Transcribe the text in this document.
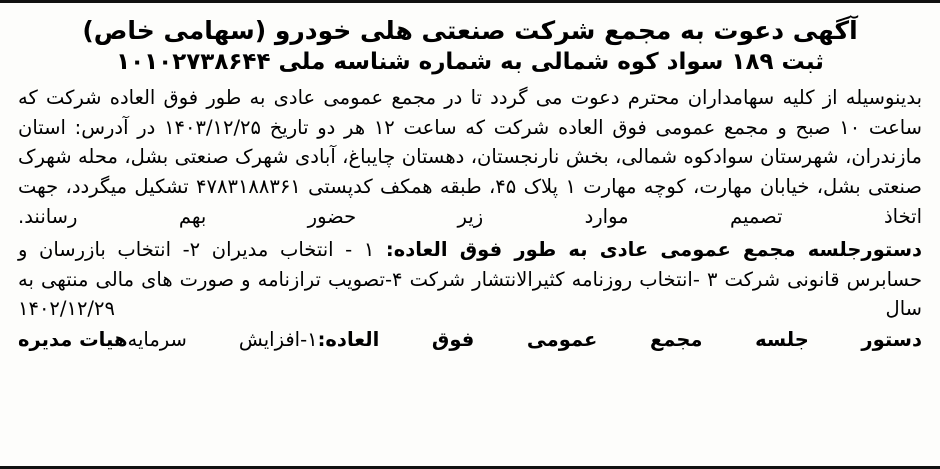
آگهی دعوت به مجمع شرکت صنعتی هلی خودرو (سهامی خاص)
ثبت ۱۸۹ سواد کوه شمالی به شماره شناسه ملی ۱۰۱۰۲۷۳۸۶۴۴
بدینوسیله از کلیه سهامداران محترم دعوت می گردد تا در مجمع عمومی عادی به طور فوق العاده شرکت که ساعت ۱۰ صبح و مجمع عمومی فوق العاده شرکت که ساعت ۱۲ هر دو تاریخ ۱۴۰۳/۱۲/۲۵ در آدرس: استان مازندران، شهرستان سوادکوه شمالی، بخش نارنجستان، دهستان چایباغ، آبادی شهرک صنعتی بشل، محله شهرک صنعتی بشل، خیابان مهارت، کوچه مهارت ۱ پلاک ۴۵، طبقه همکف کدپستی ۴۷۸۳۱۸۸۳۶۱ تشکیل میگردد، جهت اتخاذ تصمیم موارد زیر حضور بهم رسانند.
دستورجلسه مجمع عمومی عادی به طور فوق العاده: ۱ - انتخاب مدیران ۲- انتخاب بازرسان و حسابرس قانونی شرکت ۳ -انتخاب روزنامه کثیرالانتشار شرکت ۴-تصویب ترازنامه و صورت های مالی منتهی به سال ۱۴۰۲/۱۲/۲۹
هیات مدیره	دستور جلسه مجمع عمومی فوق العاده:۱-افزایش سرمایه
